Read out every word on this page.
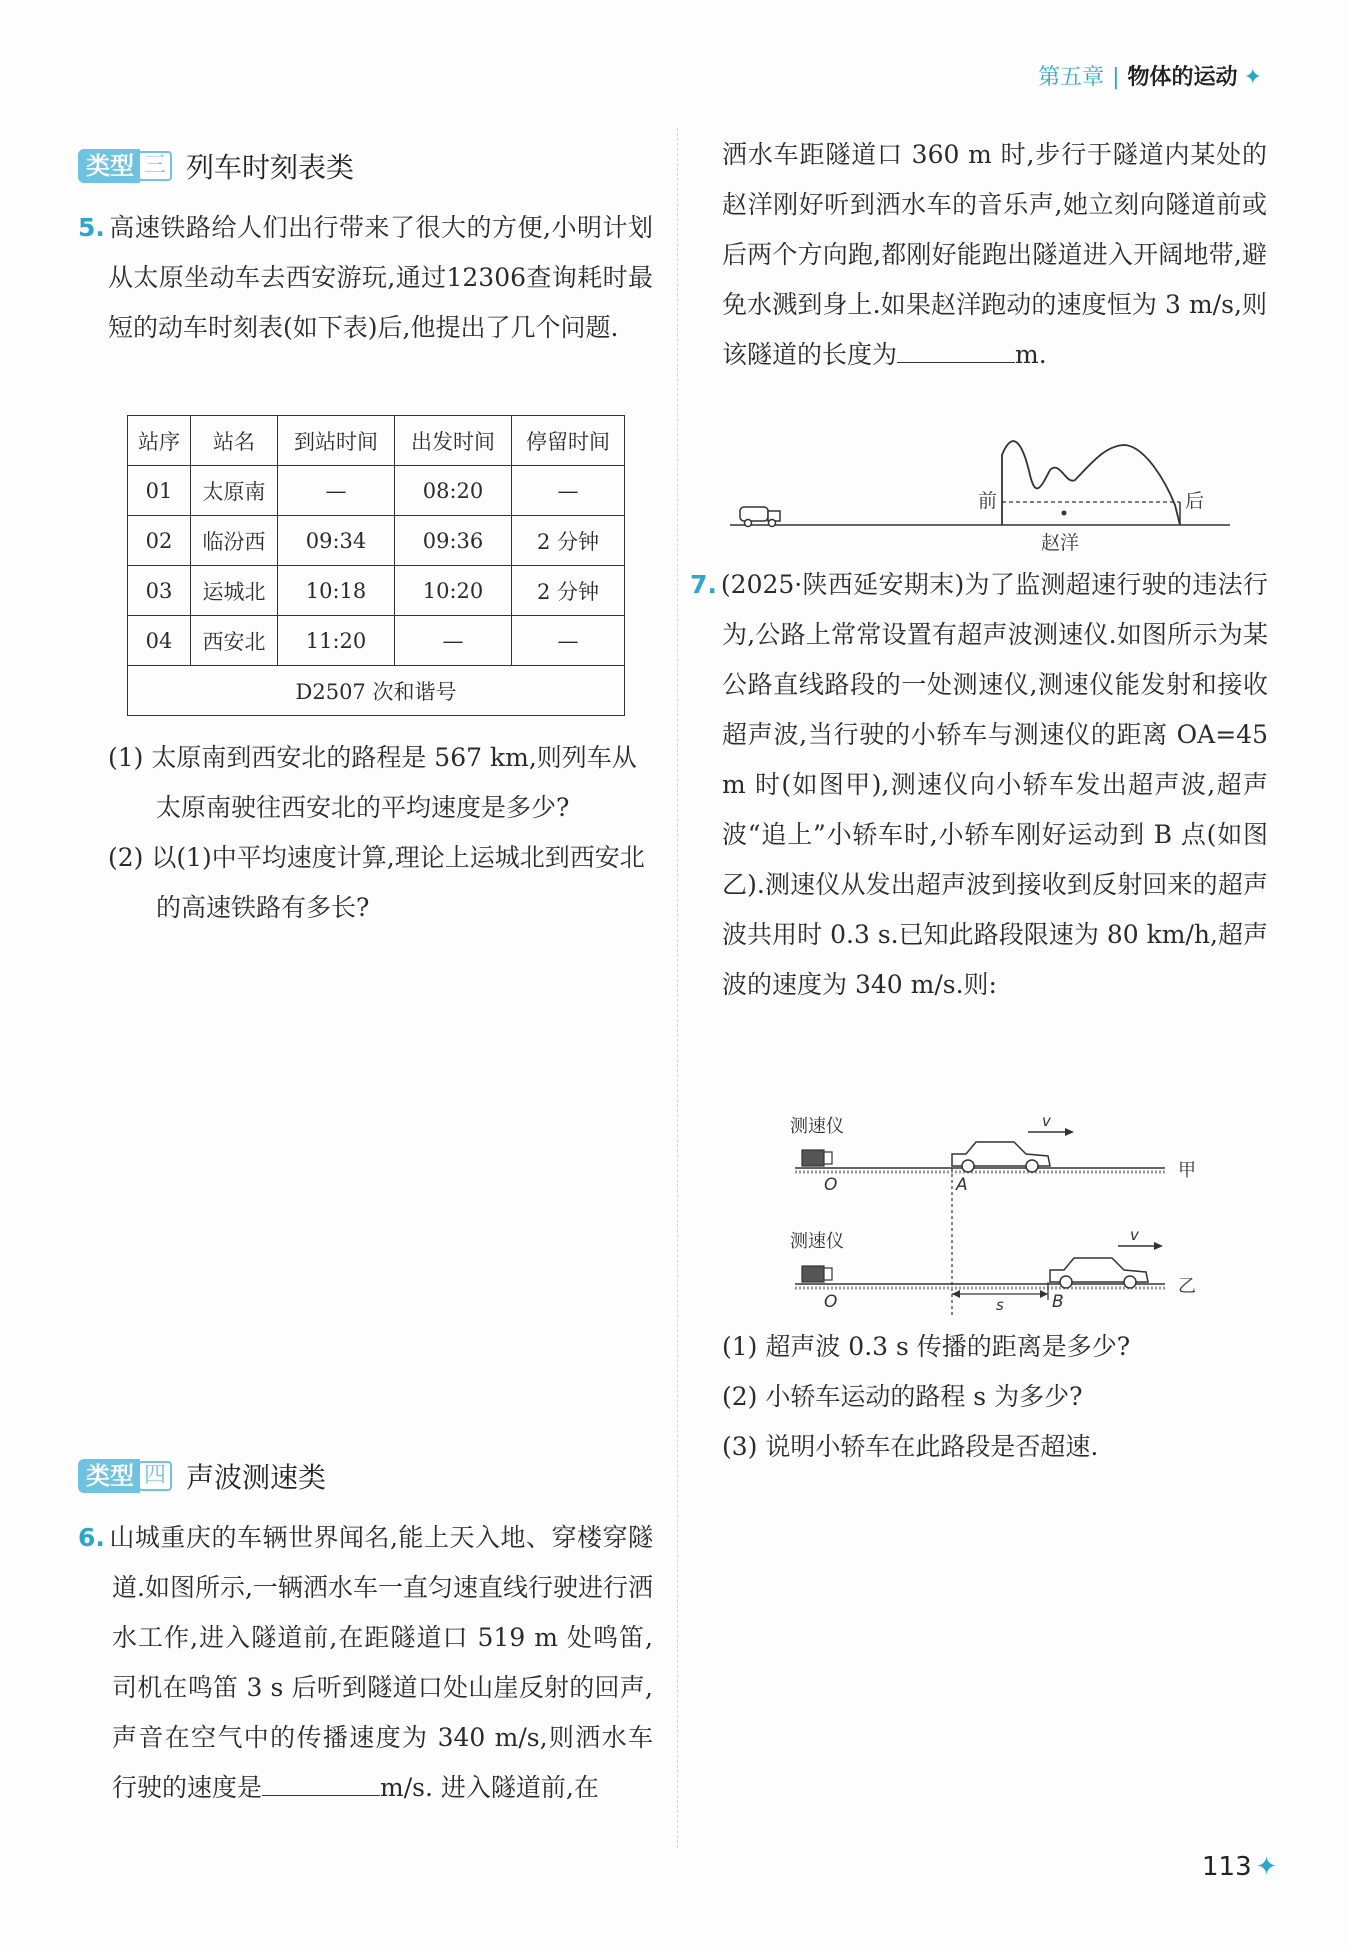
第五章 | 物体的运动 ✦
类型 三 列车时刻表类
5. 高速铁路给人们出行带来了很大的方便,小明计划从太原坐动车去西安游玩,通过12306查询耗时最短的动车时刻表(如下表)后,他提出了几个问题.
站序	站名	到站时间	出发时间	停留时间
01	太原南	—	08:20	—
02	临汾西	09:34	09:36	2 分钟
03	运城北	10:18	10:20	2 分钟
04	西安北	11:20	—	—
D2507 次和谐号				
(1) 太原南到西安北的路程是 567 km,则列车从太原南驶往西安北的平均速度是多少?
(2) 以(1)中平均速度计算,理论上运城北到西安北的高速铁路有多长?
类型 四 声波测速类
6. 山城重庆的车辆世界闻名,能上天入地、穿楼穿隧道.如图所示,一辆洒水车一直匀速直线行驶进行洒水工作,进入隧道前,在距隧道口 519 m 处鸣笛,司机在鸣笛 3 s 后听到隧道口处山崖反射的回声,声音在空气中的传播速度为 340 m/s,则洒水车行驶的速度是	m/s. 进入隧道前,在
洒水车距隧道口 360 m 时,步行于隧道内某处的赵洋刚好听到洒水车的音乐声,她立刻向隧道前或后两个方向跑,都刚好能跑出隧道进入开阔地带,避免水溅到身上.如果赵洋跑动的速度恒为 3 m/s,则该隧道的长度为	m.
前	后
赵洋
7. (2025·陕西延安期末)为了监测超速行驶的违法行为,公路上常常设置有超声波测速仪.如图所示为某公路直线路段的一处测速仪,测速仪能发射和接收超声波,当行驶的小轿车与测速仪的距离 OA=45 m 时(如图甲),测速仪向小轿车发出超声波,超声波“追上”小轿车时,小轿车刚好运动到 B 点(如图乙).测速仪从发出超声波到接收到反射回来的超声波共用时 0.3 s.已知此路段限速为 80 km/h,超声波的速度为 340 m/s.则:
测速仪	v
O	A
甲
测速仪	v
s	B
O
乙
(1) 超声波 0.3 s 传播的距离是多少?
(2) 小轿车运动的路程 s 为多少?
(3) 说明小轿车在此路段是否超速.
113 ✦
